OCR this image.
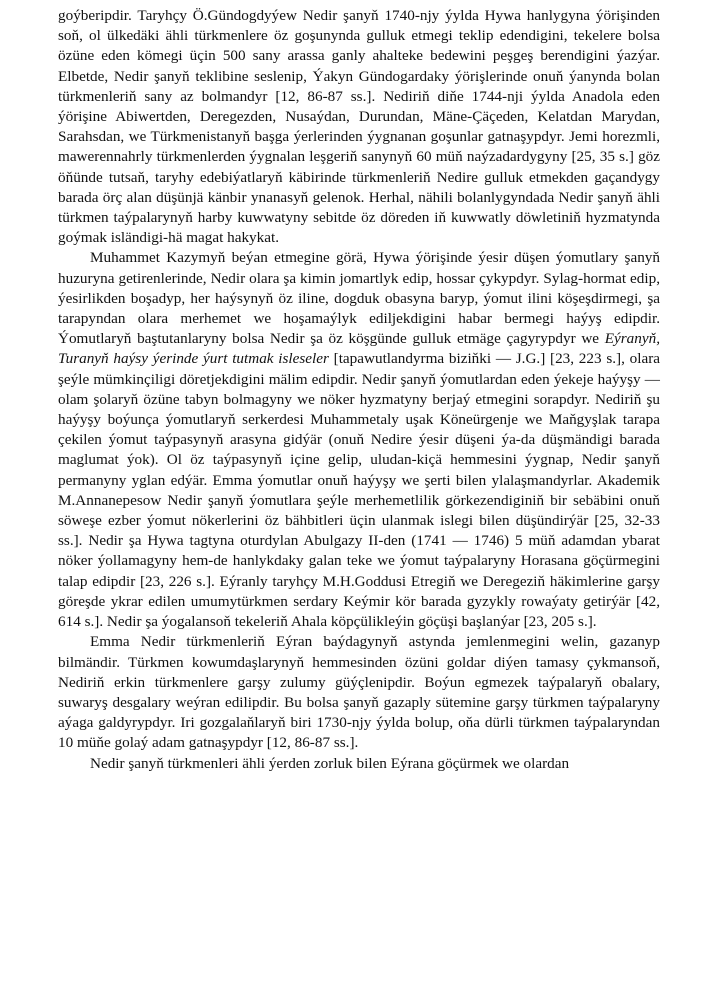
goýberipdir. Taryhçy Ö.Gündogdyýew Nedir şanyň 1740-njy ýylda Hywa hanlygyna ýörişinden soň, ol ülkedäki ähli türkmenlere öz goşunynda gulluk etmegi teklip edendigini, tekelere bolsa özüne eden kömegi üçin 500 sany arassa ganly ahalteke bedewini peşgeş berendigini ýazýar. Elbetde, Nedir şanyň teklibine seslenip, Ýakyn Gündogardaky ýörişlerinde onuň ýanynda bolan türkmenleriň sany az bolmandyr [12, 86-87 ss.]. Nediriň diňe 1744-nji ýylda Anadola eden ýörişine Abiwertden, Deregezden, Nusaýdan, Durundan, Mäne-Çäçeden, Kelatdan Marydan, Sarahsdan, we Türkmenistanyň başga ýerlerinden ýygnanan goşunlar gatnaşypdyr. Jemi horezmli, mawerennahrly türkmenlerden ýygnalan leşgeriň sanynyň 60 müň naýzadardygyny [25, 35 s.] göz öňünde tutsaň, taryhy edebiýatlaryň käbirinde türkmenleriň Nedire gulluk etmekden gaçandygy barada örç alan düşünjä känbir ynanasyň gelenok. Herhal, nähili bolanlygyndada Nedir şanyň ähli türkmen taýpalarynyň harby kuwwatyny sebitde öz döreden iň kuwwatly döwletiniň hyzmatynda goýmak isländigi-hä magat hakykat.

Muhammet Kazymyň beýan etmegine görä, Hywa ýörişinde ýesir düşen ýomutlary şanyň huzuryna getirenlerinde, Nedir olara şa kimin jomartlyk edip, hossar çykypdyr. Sylag-hormat edip, ýesirlikden boşadyp, her haýsynyň öz iline, dogduk obasyna baryp, ýomut ilini köşeşdirmegi, şa tarapyndan olara merhemet we hoşamaýlyk ediljekdigini habar bermegi haýyş edipdir. Ýomutlaryň baştutanlaryny bolsa Nedir şa öz köşgünde gulluk etmäge çagyrypdyr we Eýranyň, Turanyň haýsy ýerinde ýurt tutmak isleseler [tapawutlandyrma biziňki — J.G.] [23, 223 s.], olara şeýle mümkinçiligi döretjekdigini mälim edipdir. Nedir şanyň ýomutlardan eden ýekeje haýyşy — olam şolaryň özüne tabyn bolmagyny we nöker hyzmatyny berjaý etmegini sorapdyr. Nediriň şu haýyşy boýunça ýomutlaryň serkerdesi Muhammetaly uşak Köneürgenje we Maňgyşlak tarapa çekilen ýomut taýpasynyň arasyna gidýär (onuň Nedire ýesir düşeni ýa-da düşmändigi barada maglumat ýok). Ol öz taýpasynyň içine gelip, uludan-kiçä hemmesini ýygnap, Nedir şanyň permanyny yglan edýär. Emma ýomutlar onuň haýyşy we şerti bilen ylalaşmandyrlar. Akademik M.Annanepesow Nedir şanyň ýomutlara şeýle merhemetlilik görkezendiginiň bir sebäbini onuň söweşe ezber ýomut nökerlerini öz bähbitleri üçin ulanmak islegi bilen düşündirýär [25, 32-33 ss.]. Nedir şa Hywa tagtyna oturdylan Abulgazy II-den (1741 — 1746) 5 müň adamdan ybarat nöker ýollamagyny hem-de hanlykdaky galan teke we ýomut taýpalaryny Horasana göçürmegini talap edipdir [23, 226 s.]. Eýranly taryhçy M.H.Goddusi Etregiň we Deregeziň häkimlerine garşy göreşde ykrar edilen umumytürkmen serdary Keýmir kör barada gyzykly rowaýaty getirýär [42, 614 s.]. Nedir şa ýogalansoň tekeleriň Ahala köpçülikleýin göçüşi başlanýar [23, 205 s.].

Emma Nedir türkmenleriň Eýran baýdagynyň astynda jemlenmegini welin, gazanyp bilmändir. Türkmen kowumdaşlarynyň hemmesinden özüni goldar diýen tamasy çykmansoň, Nediriň erkin türkmenlere garşy zulumy güýçlenipdir. Boýun egmezek taýpalaryň obalary, suwaryş desgalary weýran edilipdir. Bu bolsa şanyň gazaply sütemine garşy türkmen taýpalaryny aýaga galdyrypdyr. Iri gozgalaňlaryň biri 1730-njy ýylda bolup, oňa dürli türkmen taýpalaryndan 10 müňe golaý adam gatnaşypdyr [12, 86-87 ss.].

Nedir şanyň türkmenleri ähli ýerden zorluk bilen Eýrana göçürmek we olardan
